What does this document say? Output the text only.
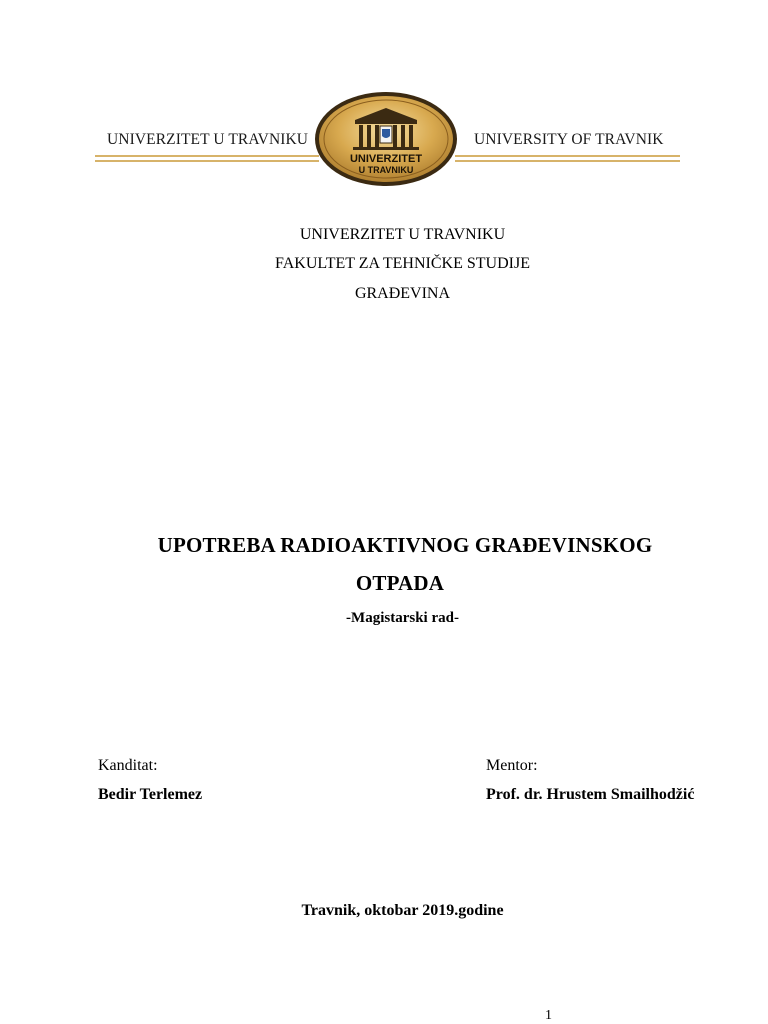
UNIVERZITET U TRAVNIKU	UNIVERSITY OF TRAVNIK
UNIVERZITET
U TRAVNIKU
UNIVERZITET U TRAVNIKU
FAKULTET ZA TEHNIČKE STUDIJE
GRAĐEVINA
UPOTREBA RADIOAKTIVNOG GRAĐEVINSKOG
OTPADA
-Magistarski rad-
Kanditat:
Bedir Terlemez
Mentor:
Prof. dr. Hrustem Smailhodžić
Travnik, oktobar 2019.godine
1
